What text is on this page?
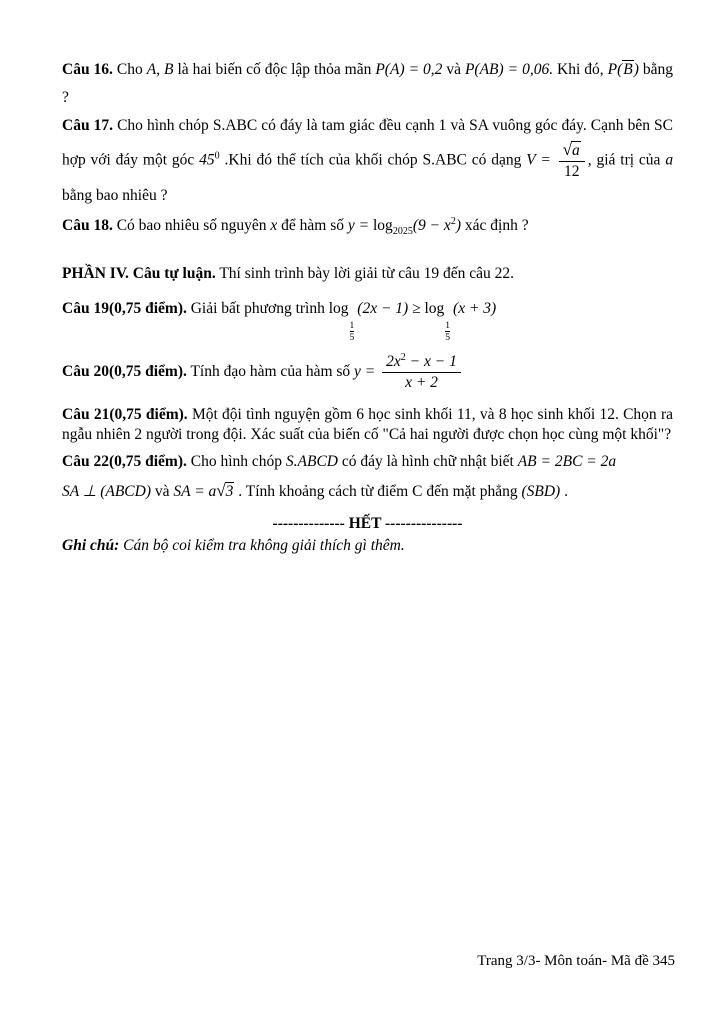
Câu 16. Cho A, B là hai biến cố độc lập thỏa mãn P(A) = 0,2 và P(AB) = 0,06. Khi đó, P(B) bằng ?

Câu 17. Cho hình chóp S.ABC có đáy là tam giác đều cạnh 1 và SA vuông góc đáy. Cạnh bên SC hợp với đáy một góc $45^0$ .Khi đó thể tích của khối chóp S.ABC có dạng $V = \frac{√a}{12}$ , giá trị của a bằng bao nhiêu ?

Câu 18. Có bao nhiêu số nguyên x để hàm số $y = \log_{2025}(9 - x^2)$ xác định ?

PHẦN IV. Câu tự luận. Thí sinh trình bày lời giải từ câu 19 đến câu 22.

Câu 19(0,75 điểm). Giải bất phương trình log
$\frac{1}{5}$
(2x − 1) ≥ log
$\frac{1}{5}$
(x + 3)

Câu 20(0,75 điểm). Tính đạo hàm của hàm số $y = \frac{2x^2 - x - 1}{x + 2}$

Câu 21(0,75 điểm). Một đội tình nguyện gồm 6 học sinh khối 11, và 8 học sinh khối 12. Chọn ra ngẫu nhiên 2 người trong đội. Xác suất của biến cố "Cả hai người được chọn học cùng một khối"?

Câu 22(0,75 điểm). Cho hình chóp S.ABCD có đáy là hình chữ nhật biết AB = 2BC = 2a
SA ⊥ (ABCD) và SA = a√3 . Tính khoảng cách từ điểm C đến mặt phẳng (SBD) .

-------------- HẾT ---------------

Ghi chú: Cán bộ coi kiểm tra không giải thích gì thêm.

Trang 3/3- Môn toán- Mã đề 345
